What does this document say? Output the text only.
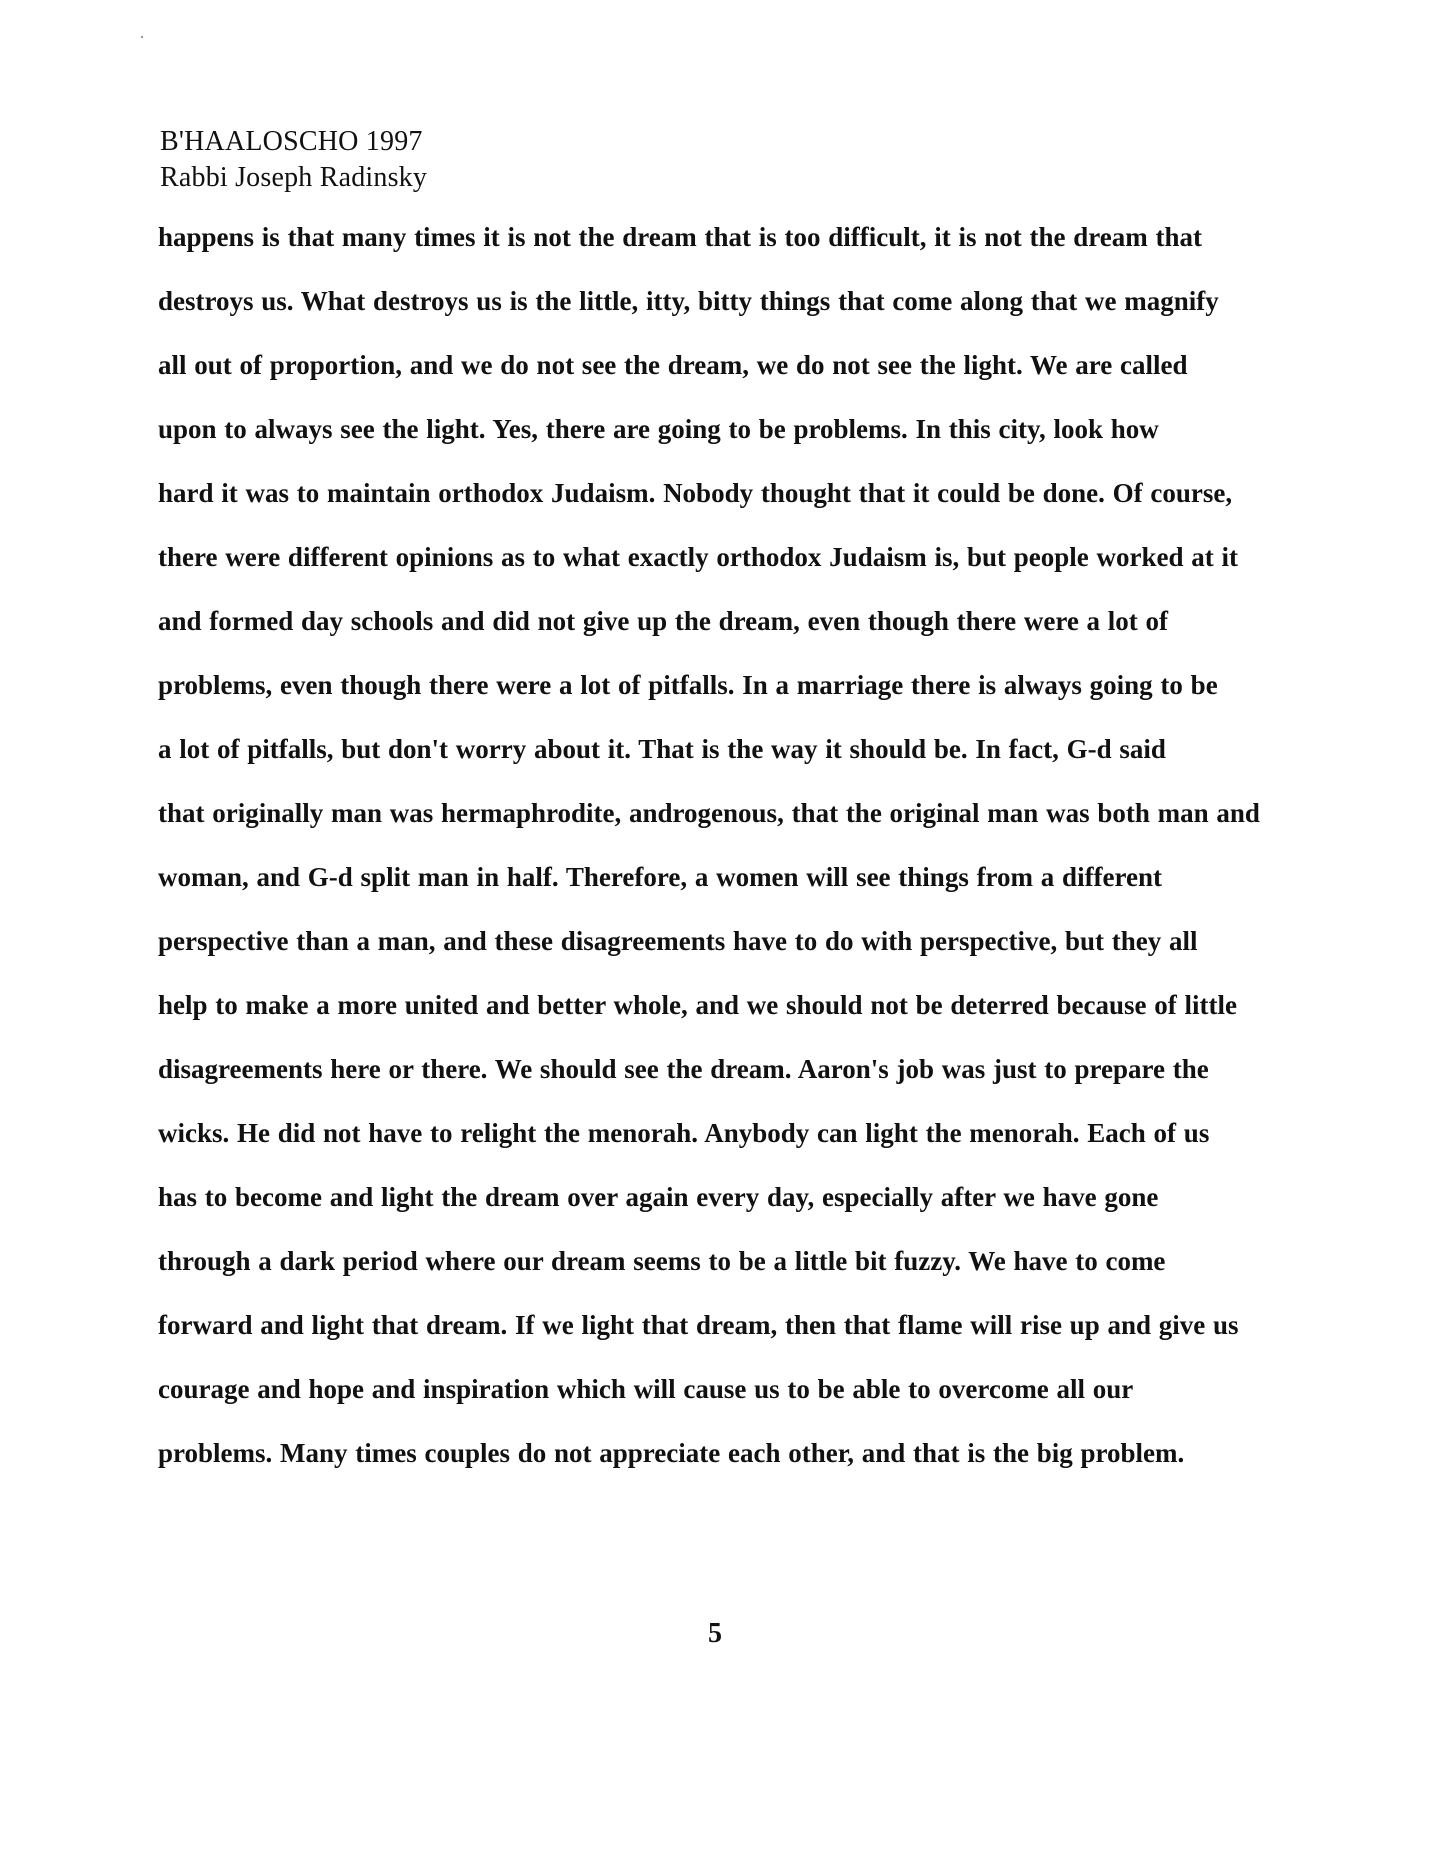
B'HAALOSCHO 1997
Rabbi Joseph Radinsky
happens is that many times it is not the dream that is too difficult, it is not the dream that
destroys us. What destroys us is the little, itty, bitty things that come along that we magnify
all out of proportion, and we do not see the dream, we do not see the light. We are called
upon to always see the light. Yes, there are going to be problems. In this city, look how
hard it was to maintain orthodox Judaism. Nobody thought that it could be done. Of course,
there were different opinions as to what exactly orthodox Judaism is, but people worked at it
and formed day schools and did not give up the dream, even though there were a lot of
problems, even though there were a lot of pitfalls. In a marriage there is always going to be
a lot of pitfalls, but don't worry about it. That is the way it should be. In fact, G-d said
that originally man was hermaphrodite, androgenous, that the original man was both man and
woman, and G-d split man in half. Therefore, a women will see things from a different
perspective than a man, and these disagreements have to do with perspective, but they all
help to make a more united and better whole, and we should not be deterred because of little
disagreements here or there. We should see the dream. Aaron's job was just to prepare the
wicks. He did not have to relight the menorah. Anybody can light the menorah. Each of us
has to become and light the dream over again every day, especially after we have gone
through a dark period where our dream seems to be a little bit fuzzy. We have to come
forward and light that dream. If we light that dream, then that flame will rise up and give us
courage and hope and inspiration which will cause us to be able to overcome all our
problems. Many times couples do not appreciate each other, and that is the big problem.
5
